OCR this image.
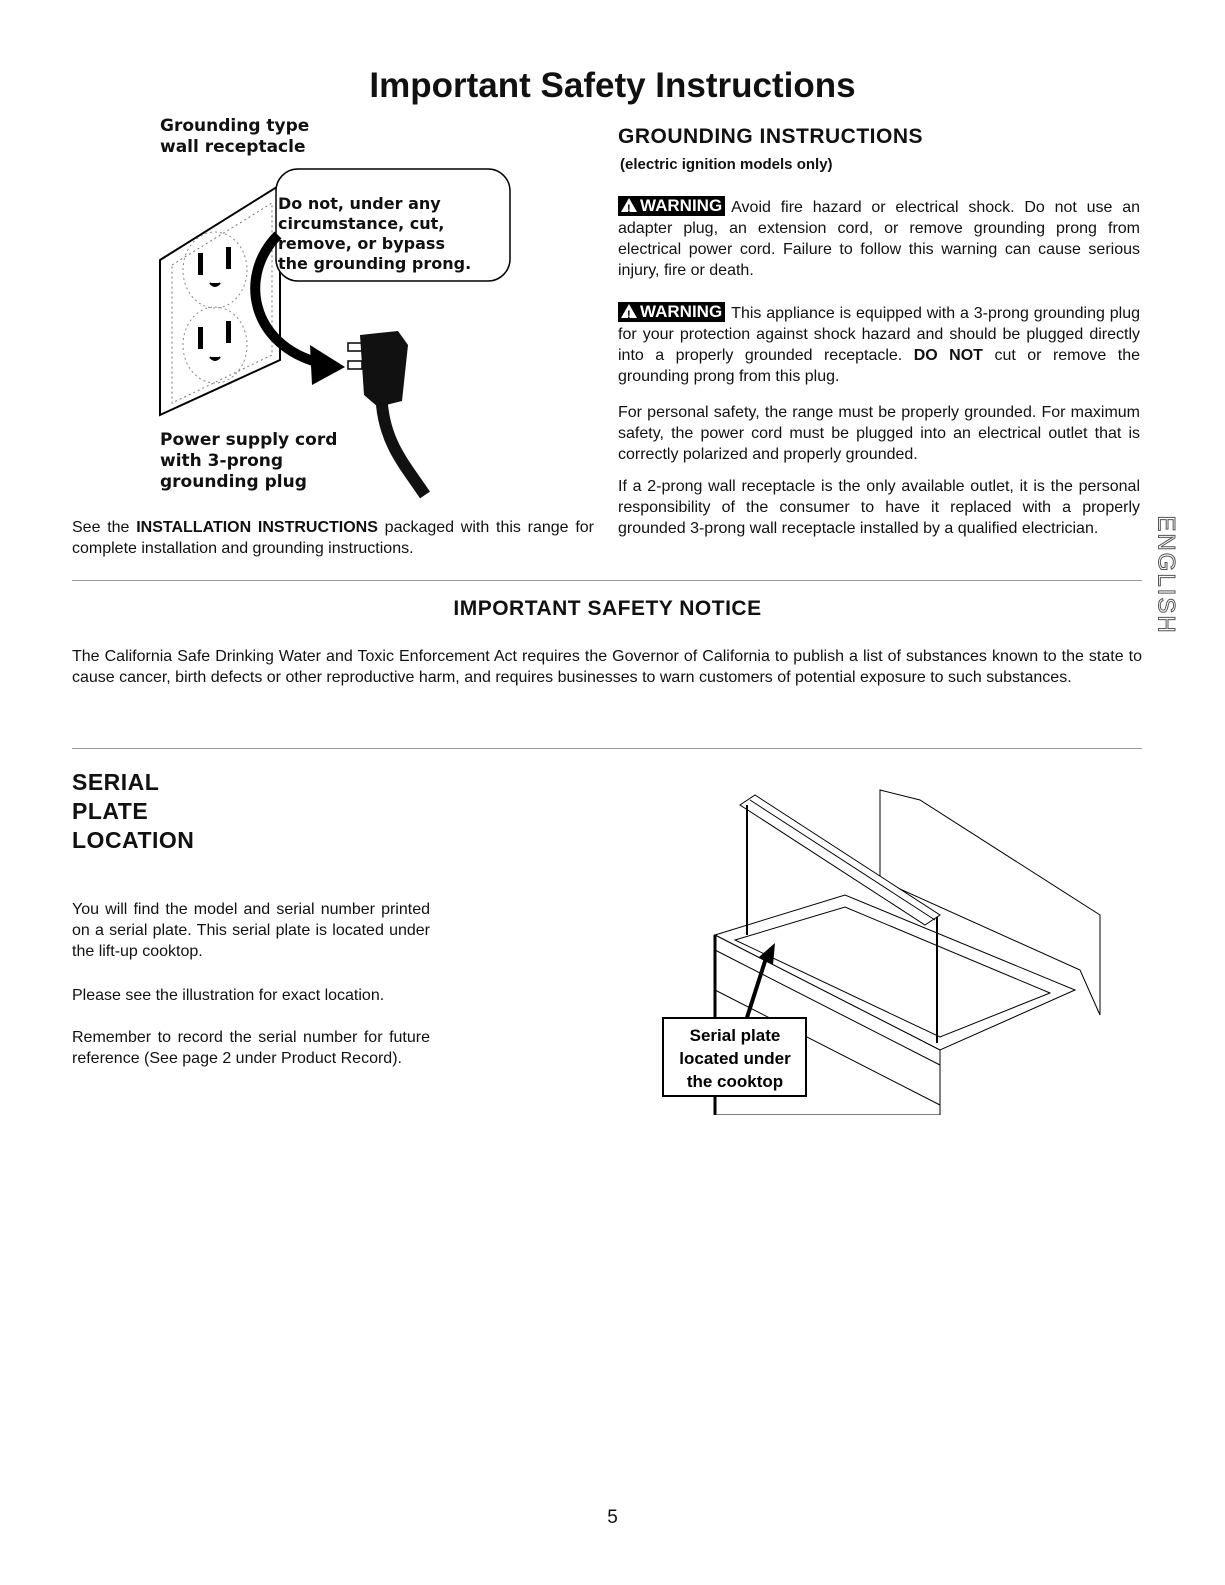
Important Safety Instructions

Grounding type

wall receptacle

Do not, under any

circumstance, cut,

remove, or bypass

the grounding prong.

Power supply cord

with 3-prong

grounding plug

See the INSTALLATION INSTRUCTIONS packaged with this range for complete installation and grounding instructions.

GROUNDING INSTRUCTIONS

(electric ignition models only)

!WARNING Avoid fire hazard or electrical shock. Do not use an adapter plug, an extension cord, or remove grounding prong from electrical power cord. Failure to follow this warning can cause serious injury, fire or death.

!WARNING This appliance is equipped with a 3-prong grounding plug for your protection against shock hazard and should be plugged directly into a properly grounded receptacle. DO NOT cut or remove the grounding prong from this plug.

For personal safety, the range must be properly grounded. For maximum safety, the power cord must be plugged into an electrical outlet that is correctly polarized and properly grounded.

If a 2-prong wall receptacle is the only available outlet, it is the personal responsibility of the consumer to have it replaced with a properly grounded 3-prong wall receptacle installed by a qualified electrician.	ENGLISH
IMPORTANT SAFETY NOTICE

The California Safe Drinking Water and Toxic Enforcement Act requires the Governor of California to publish a list of substances known to the state to cause cancer, birth defects or other reproductive harm, and requires businesses to warn customers of potential exposure to such substances.

SERIAL

PLATE

LOCATION

You will find the model and serial number printed on a serial plate. This serial plate is located under the lift-up cooktop.

Please see the illustration for exact location.

Remember to record the serial number for future reference (See page 2 under Product Record).

Serial plate
located under
the cooktop
5
